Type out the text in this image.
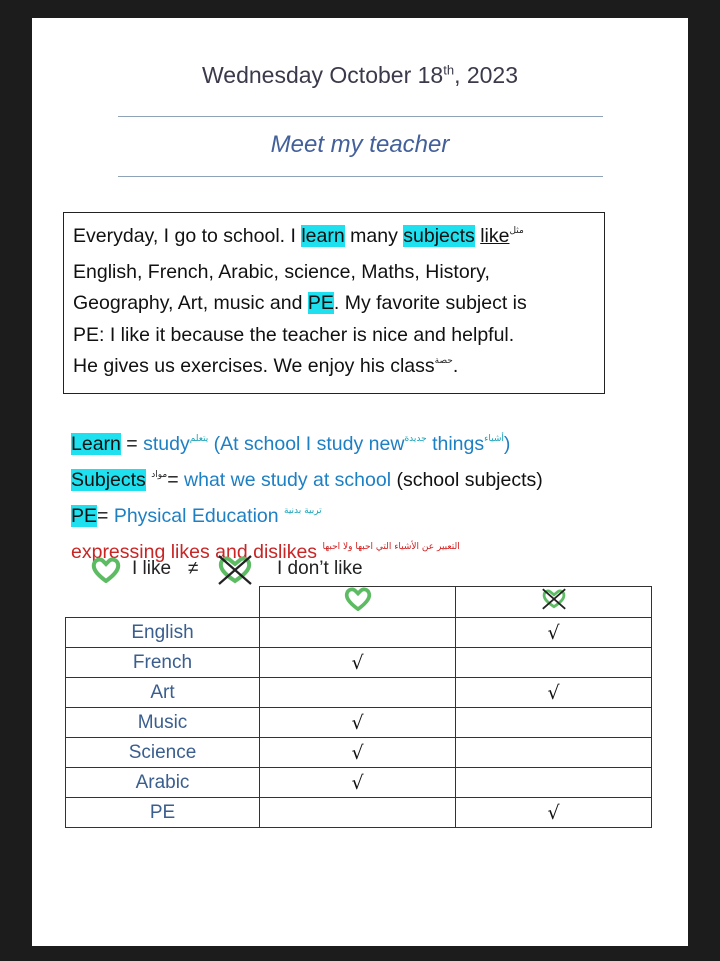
Wednesday October 18th, 2023
Meet my teacher
Everyday, I go to school. I learn many subjects like$^{مثل}$
English, French, Arabic, science, Maths, History,
Geography, Art, music and PE. My favorite subject is
PE: I like it because the teacher is nice and helpful.
He gives us exercises. We enjoy his class$^{حصة}$.
Learn = study$^{يتعلم}$ (At school I study new$^{جديدة}$ things$^{أشياء}$)
Subjects $^{مواد}$= what we study at school (school subjects)
PE= Physical Education $^{تربية بدنية}$
expressing likes and dislikes $^{التعبير عن الأشياء التي احبها ولا احبها}$
I like ≠	I don’t like

English		√
French	√	
Art		√
Music	√	
Science	√	
Arabic	√	
PE		√
